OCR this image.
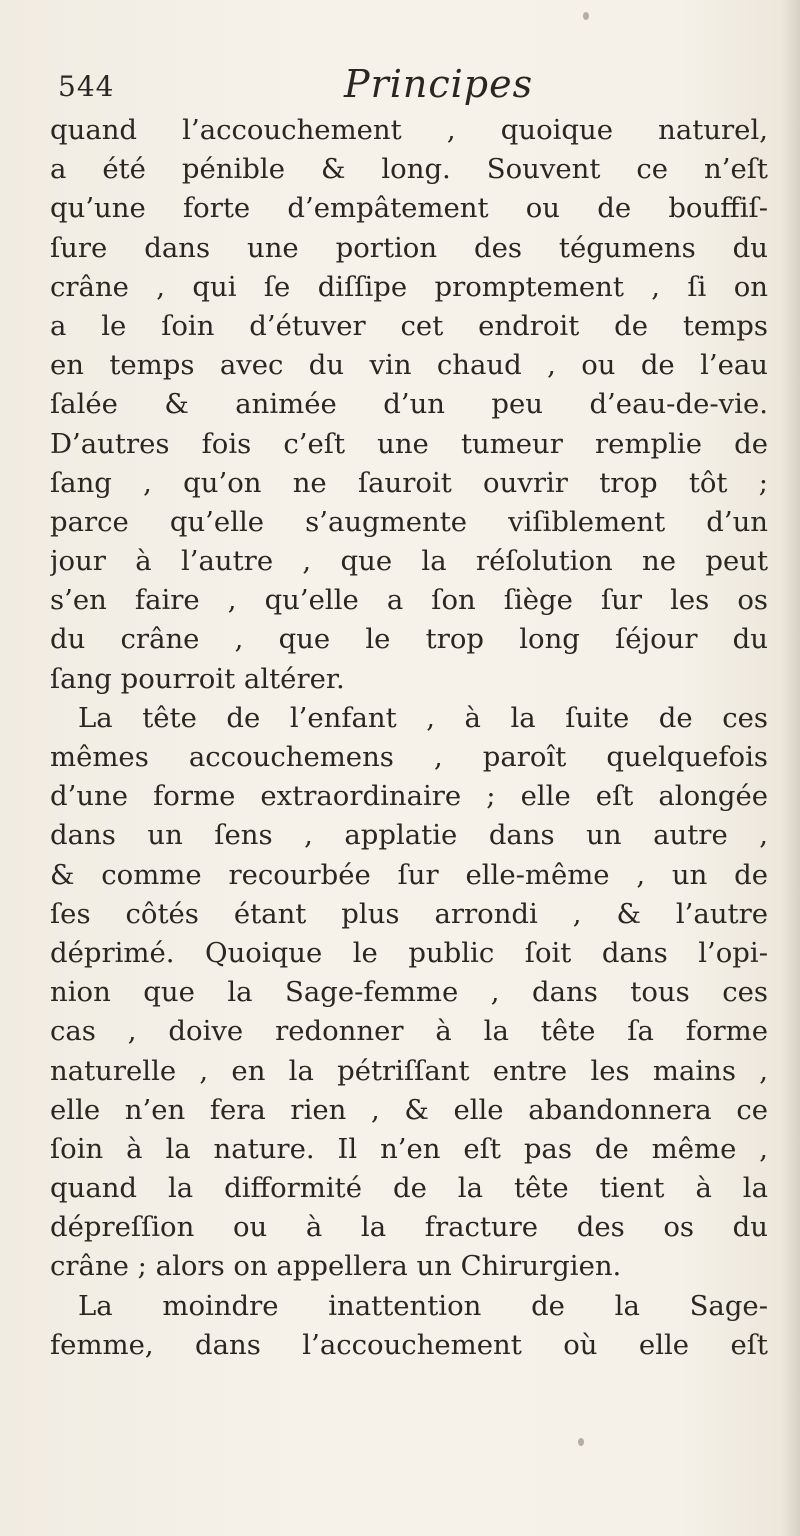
544	Principes
quand l’accouchement , quoique naturel,
a été pénible & long. Souvent ce n’eſt
qu’une forte d’empâtement ou de bouffiſ-
ſure dans une portion des tégumens du
crâne , qui ſe diſſipe promptement , ſi on
a le ſoin d’étuver cet endroit de temps
en temps avec du vin chaud , ou de l’eau
ſalée & animée d’un peu d’eau-de-vie.
D’autres fois c’eſt une tumeur remplie de
ſang , qu’on ne ſauroit ouvrir trop tôt ;
parce qu’elle s’augmente viſiblement d’un
jour à l’autre , que la réſolution ne peut
s’en faire , qu’elle a ſon ſiège ſur les os
du crâne , que le trop long ſéjour du
ſang pourroit altérer.
La tête de l’enfant , à la ſuite de ces
mêmes accouchemens , paroît quelquefois
d’une forme extraordinaire ; elle eſt alongée
dans un ſens , applatie dans un autre ,
& comme recourbée ſur elle-même , un de
ſes côtés étant plus arrondi , & l’autre
déprimé. Quoique le public ſoit dans l’opi-
nion que la Sage-femme , dans tous ces
cas , doive redonner à la tête ſa forme
naturelle , en la pétriſſant entre les mains ,
elle n’en fera rien , & elle abandonnera ce
ſoin à la nature. Il n’en eſt pas de même ,
quand la difformité de la tête tient à la
dépreſſion ou à la fracture des os du
crâne ; alors on appellera un Chirurgien.
La moindre inattention de la Sage-
femme, dans l’accouchement où elle eſt
